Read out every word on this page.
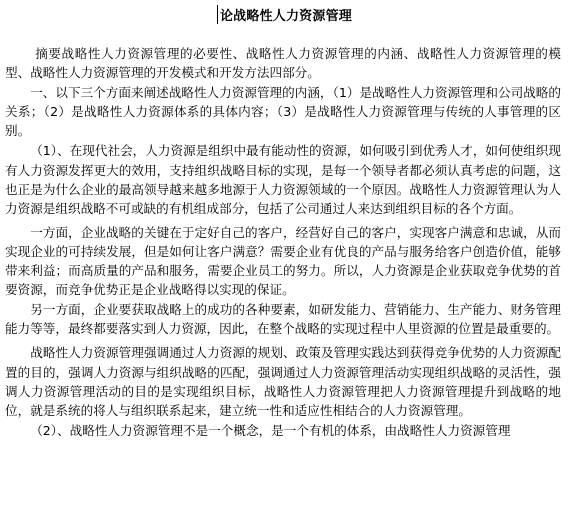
论战略性人力资源管理

摘要战略性人力资源管理的必要性、战略性人力资源管理的内涵、战略性人力资源管理的模型、战略性人力资源管理的开发模式和开发方法四部分。

一、以下三个方面来阐述战略性人力资源管理的内涵，（1）是战略性人力资源管理和公司战略的关系；（2）是战略性人力资源体系的具体内容；（3）是战略性人力资源管理与传统的人事管理的区别。

（1）、在现代社会，人力资源是组织中最有能动性的资源，如何吸引到优秀人才，如何使组织现有人力资源发挥更大的效用，支持组织战略目标的实现，是每一个领导者都必须认真考虑的问题，这也正是为什么企业的最高领导越来越多地源于人力资源领域的一个原因。战略性人力资源管理认为人力资源是组织战略不可或缺的有机组成部分，包括了公司通过人来达到组织目标的各个方面。

一方面，企业战略的关键在于定好自己的客户，经营好自己的客户，实现客户满意和忠诚，从而实现企业的可持续发展，但是如何让客户满意？需要企业有优良的产品与服务给客户创造价值，能够带来利益；而高质量的产品和服务，需要企业员工的努力。所以，人力资源是企业获取竞争优势的首要资源，而竞争优势正是企业战略得以实现的保证。

另一方面，企业要获取战略上的成功的各种要素，如研发能力、营销能力、生产能力、财务管理能力等等，最终都要落实到人力资源，因此，在整个战略的实现过程中人里资源的位置是最重要的。

战略性人力资源管理强调通过人力资源的规划、政策及管理实践达到获得竞争优势的人力资源配置的目的，强调人力资源与组织战略的匹配，强调通过人力资源管理活动实现组织战略的灵活性，强调人力资源管理活动的目的是实现组织目标，战略性人力资源管理把人力资源管理提升到战略的地位，就是系统的将人与组织联系起来，建立统一性和适应性相结合的人力资源管理。

（2）、战略性人力资源管理不是一个概念，是一个有机的体系，由战略性人力资源管理
